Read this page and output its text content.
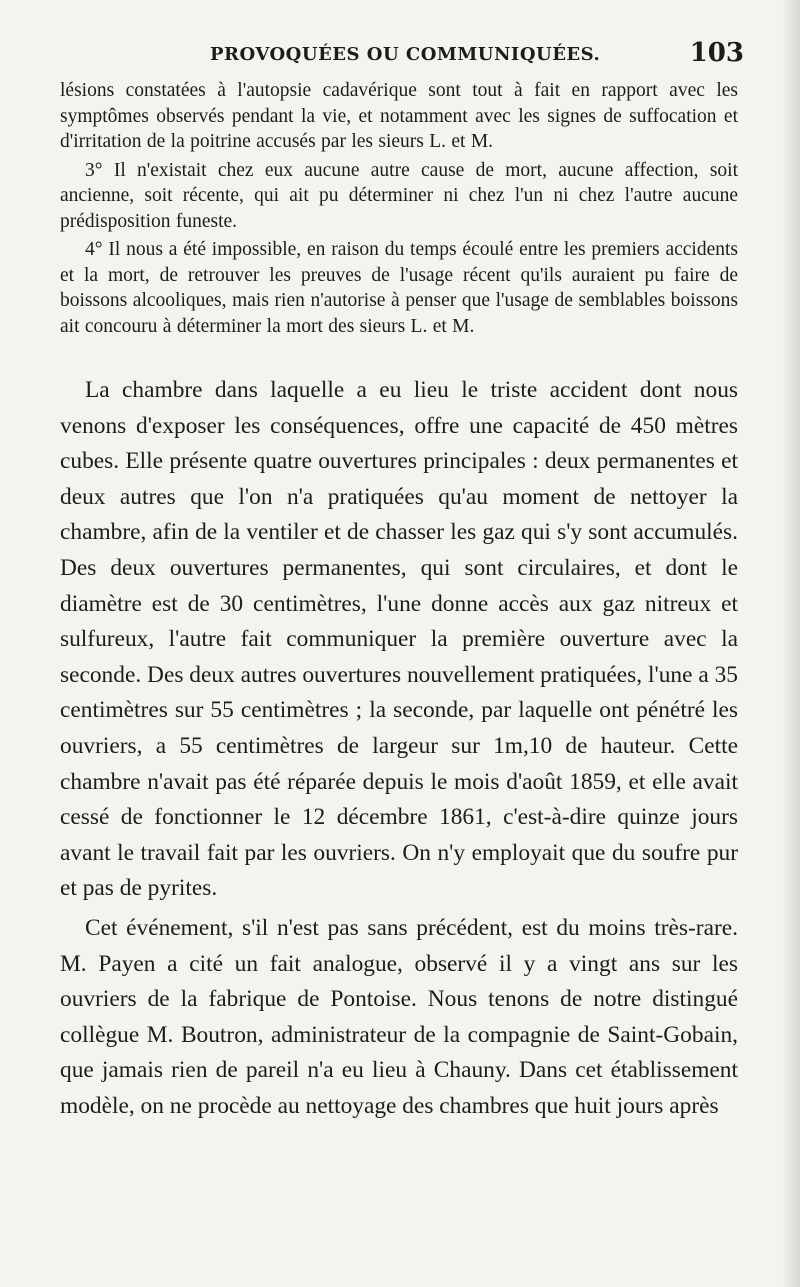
PROVOQUÉES OU COMMUNIQUÉES.	103

lésions constatées à l'autopsie cadavérique sont tout à fait en rapport avec les symptômes observés pendant la vie, et notamment avec les signes de suffocation et d'irritation de la poitrine accusés par les sieurs L. et M.

3° Il n'existait chez eux aucune autre cause de mort, aucune affection, soit ancienne, soit récente, qui ait pu déterminer ni chez l'un ni chez l'autre aucune prédisposition funeste.

4° Il nous a été impossible, en raison du temps écoulé entre les premiers accidents et la mort, de retrouver les preuves de l'usage récent qu'ils auraient pu faire de boissons alcooliques, mais rien n'autorise à penser que l'usage de semblables boissons ait concouru à déterminer la mort des sieurs L. et M.

La chambre dans laquelle a eu lieu le triste accident dont nous venons d'exposer les conséquences, offre une capacité de 450 mètres cubes. Elle présente quatre ouvertures principales : deux permanentes et deux autres que l'on n'a pratiquées qu'au moment de nettoyer la chambre, afin de la ventiler et de chasser les gaz qui s'y sont accumulés. Des deux ouvertures permanentes, qui sont circulaires, et dont le diamètre est de 30 centimètres, l'une donne accès aux gaz nitreux et sulfureux, l'autre fait communiquer la première ouverture avec la seconde. Des deux autres ouvertures nouvellement pratiquées, l'une a 35 centimètres sur 55 centimètres ; la seconde, par laquelle ont pénétré les ouvriers, a 55 centimètres de largeur sur 1m,10 de hauteur. Cette chambre n'avait pas été réparée depuis le mois d'août 1859, et elle avait cessé de fonctionner le 12 décembre 1861, c'est-à-dire quinze jours avant le travail fait par les ouvriers. On n'y employait que du soufre pur et pas de pyrites.

Cet événement, s'il n'est pas sans précédent, est du moins très-rare. M. Payen a cité un fait analogue, observé il y a vingt ans sur les ouvriers de la fabrique de Pontoise. Nous tenons de notre distingué collègue M. Boutron, administrateur de la compagnie de Saint-Gobain, que jamais rien de pareil n'a eu lieu à Chauny. Dans cet établissement modèle, on ne procède au nettoyage des chambres que huit jours après
